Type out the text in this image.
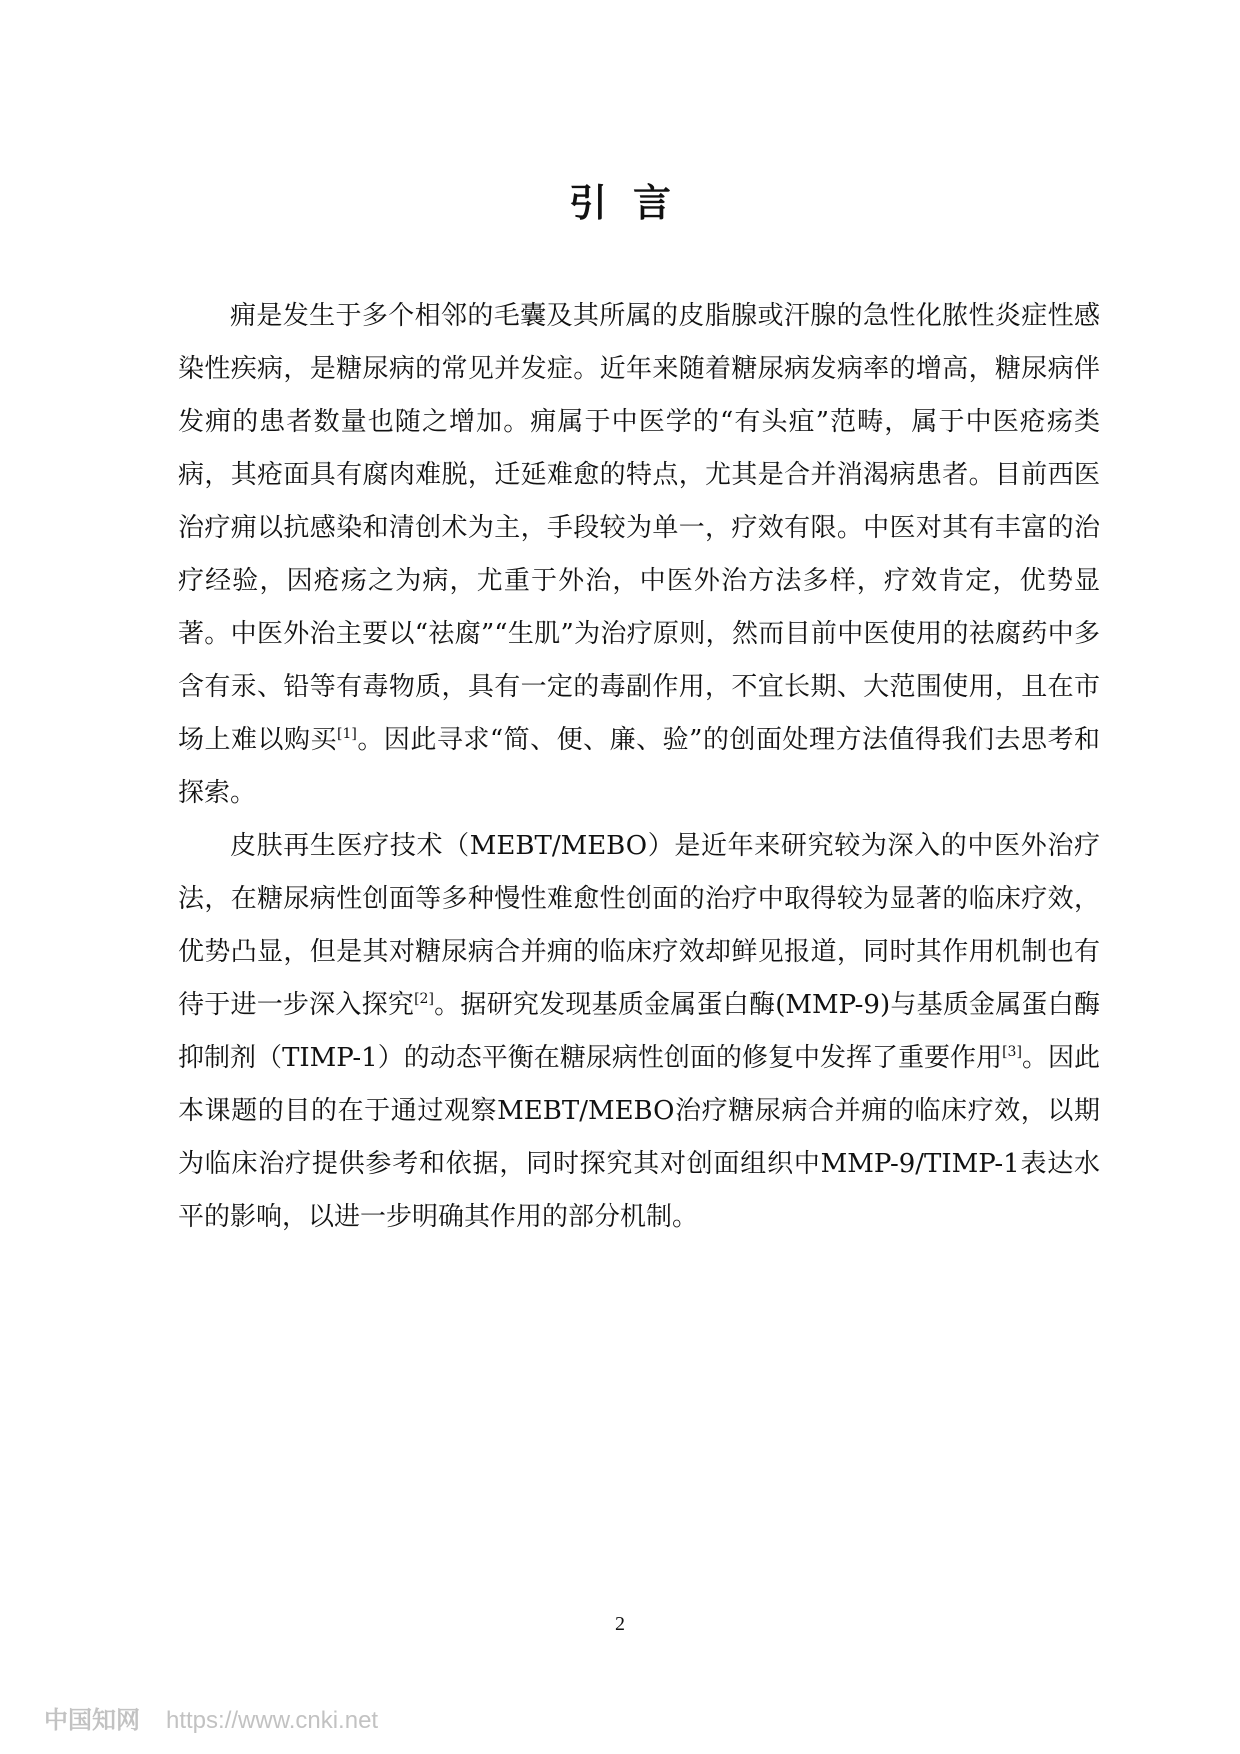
引言

痈是发生于多个相邻的毛囊及其所属的皮脂腺或汗腺的急性化脓性炎症性感染性疾病，是糖尿病的常见并发症。近年来随着糖尿病发病率的增高，糖尿病伴发痈的患者数量也随之增加。痈属于中医学的“有头疽”范畴，属于中医疮疡类病，其疮面具有腐肉难脱，迁延难愈的特点，尤其是合并消渴病患者。目前西医治疗痈以抗感染和清创术为主，手段较为单一，疗效有限。中医对其有丰富的治疗经验，因疮疡之为病，尤重于外治，中医外治方法多样，疗效肯定，优势显著。中医外治主要以“祛腐”“生肌”为治疗原则，然而目前中医使用的祛腐药中多含有汞、铅等有毒物质，具有一定的毒副作用，不宜长期、大范围使用，且在市场上难以购买[1]。因此寻求“简、便、廉、验”的创面处理方法值得我们去思考和探索。

皮肤再生医疗技术（MEBT/MEBO）是近年来研究较为深入的中医外治疗法，在糖尿病性创面等多种慢性难愈性创面的治疗中取得较为显著的临床疗效，优势凸显，但是其对糖尿病合并痈的临床疗效却鲜见报道，同时其作用机制也有待于进一步深入探究[2]。据研究发现基质金属蛋白酶(MMP-9)与基质金属蛋白酶抑制剂（TIMP-1）的动态平衡在糖尿病性创面的修复中发挥了重要作用[3]。因此本课题的目的在于通过观察MEBT/MEBO治疗糖尿病合并痈的临床疗效，以期为临床治疗提供参考和依据，同时探究其对创面组织中MMP-9/TIMP-1表达水平的影响，以进一步明确其作用的部分机制。

2
中国知网 https://www.cnki.net
